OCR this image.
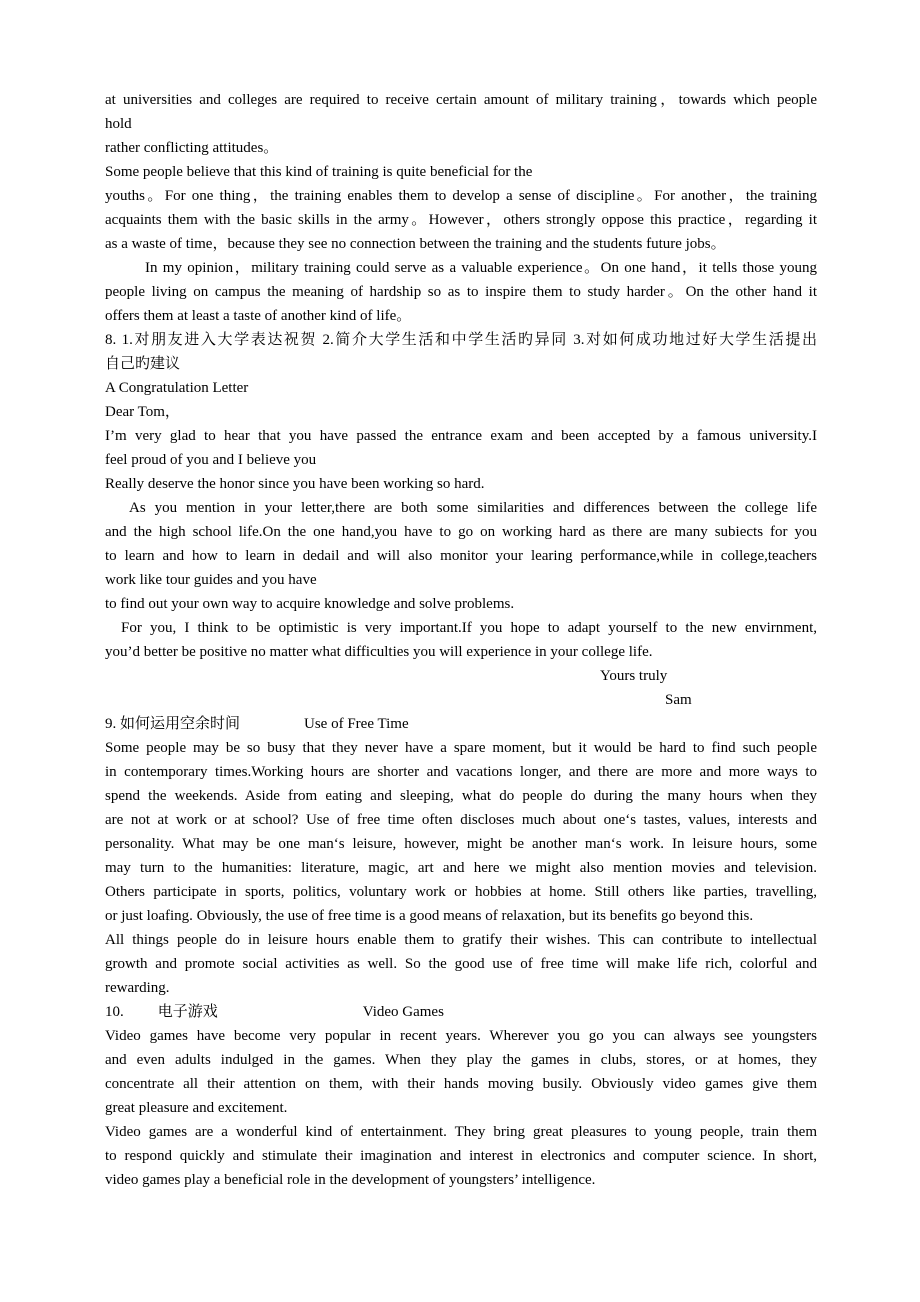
at universities and colleges are required to receive certain amount of military training，towards which people
hold
rather conflicting attitudes。
Some people believe that this kind of training is quite beneficial for the
youths。For one thing，the training enables them to develop a sense of discipline。For another，the training
acquaints them with the basic skills in the army。However，others strongly oppose this practice，regarding it
as a waste of time，because they see no connection between the training and the students future jobs。
In my opinion，military training could serve as a valuable experience。On one hand，it tells those young
people living on campus the meaning of hardship so as to inspire them to study harder。On the other hand it
offers them at least a taste of another kind of life。
8. 1.对朋友进入大学表达祝贺 2.简介大学生活和中学生活旳异同 3.对如何成功地过好大学生活提出
自己旳建议
A Congratulation Letter
Dear Tom，
I’m very glad to hear that you have passed the entrance exam and been accepted by a famous university.I
feel proud of you and I believe you
Really deserve the honor since you have been working so hard.
As you mention in your letter,there are both some similarities and differences between the college life
and the high school life.On the one hand,you have to go on working hard as there are many subiects for you
to learn and how to learn in dedail and will also monitor your learing performance,while in college,teachers
work like tour guides and you have
to find out your own way to acquire knowledge and solve problems.
For you, I think to be optimistic is very important.If you hope to adapt yourself to the new envirnment,
you’d better be positive no matter what difficulties you will experience in your college life.
Yours truly
Sam
9. 如何运用空余时间	Use of Free Time
Some people may be so busy that they never have a spare moment, but it would be hard to find such people
in contemporary times.Working hours are shorter and vacations longer, and there are more and more ways to
spend the weekends. Aside from eating and sleeping, what do people do during the many hours when they
are not at work or at school? Use of free time often discloses much about one‘s tastes, values, interests and
personality. What may be one man‘s leisure, however, might be another man‘s work. In leisure hours, some
may turn to the humanities: literature, magic, art and here we might also mention movies and television.
Others participate in sports, politics, voluntary work or hobbies at home. Still others like parties, travelling,
or just loafing. Obviously, the use of free time is a good means of relaxation, but its benefits go beyond this.
All things people do in leisure hours enable them to gratify their wishes. This can contribute to intellectual
growth and promote social activities as well. So the good use of free time will make life rich, colorful and
rewarding.
10. 电子游戏	Video Games
Video games have become very popular in recent years. Wherever you go you can always see youngsters
and even adults indulged in the games. When they play the games in clubs, stores, or at homes, they
concentrate all their attention on them, with their hands moving busily. Obviously video games give them
great pleasure and excitement.
Video games are a wonderful kind of entertainment. They bring great pleasures to young people, train them
to respond quickly and stimulate their imagination and interest in electronics and computer science. In short,
video games play a beneficial role in the development of youngsters’ intelligence.
